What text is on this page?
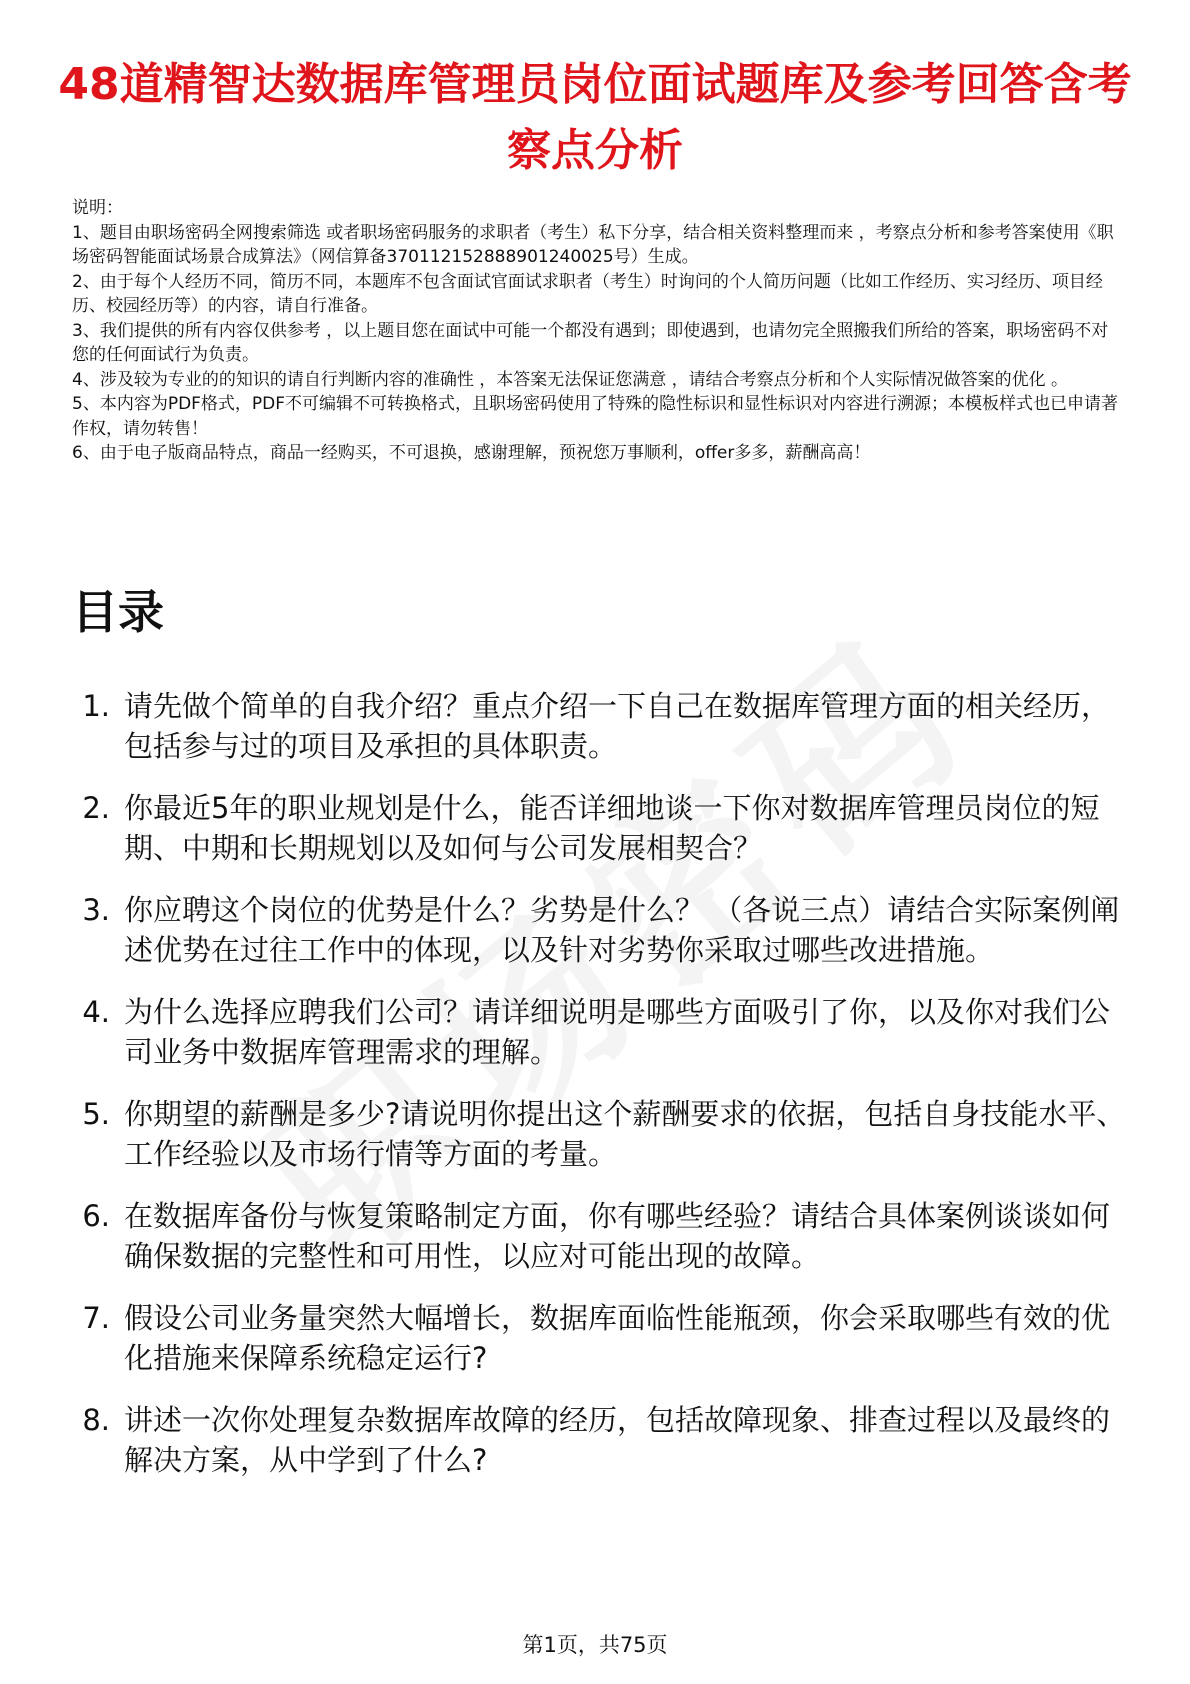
48道精智达数据库管理员岗位面试题库及参考回答含考察点分析

说明：

1、题目由职场密码全网搜索筛选 或者职场密码服务的求职者（考生）私下分享，结合相关资料整理而来 ，考察点分析和参考答案使用《职场密码智能面试场景合成算法》（网信算备370112152888901240025号）生成。

2、由于每个人经历不同，简历不同，本题库不包含面试官面试求职者（考生）时询问的个人简历问题（比如工作经历、实习经历、项目经历、校园经历等）的内容，请自行准备。

3、我们提供的所有内容仅供参考 ，以上题目您在面试中可能一个都没有遇到；即使遇到，也请勿完全照搬我们所给的答案，职场密码不对您的任何面试行为负责。

4、涉及较为专业的的知识的请自行判断内容的准确性 ，本答案无法保证您满意 ，请结合考察点分析和个人实际情况做答案的优化 。

5、本内容为PDF格式，PDF不可编辑不可转换格式，且职场密码使用了特殊的隐性标识和显性标识对内容进行溯源；本模板样式也已申请著作权，请勿转售！

6、由于电子版商品特点，商品一经购买，不可退换，感谢理解，预祝您万事顺利，offer多多，薪酬高高！

目录
1. 请先做个简单的自我介绍？重点介绍一下自己在数据库管理方面的相关经历，包括参与过的项目及承担的具体职责。
2. 你最近5年的职业规划是什么，能否详细地谈一下你对数据库管理员岗位的短期、中期和长期规划以及如何与公司发展相契合？
3. 你应聘这个岗位的优势是什么？劣势是什么？ （各说三点）请结合实际案例阐述优势在过往工作中的体现，以及针对劣势你采取过哪些改进措施。
4. 为什么选择应聘我们公司？请详细说明是哪些方面吸引了你，以及你对我们公司业务中数据库管理需求的理解。
5. 你期望的薪酬是多少?请说明你提出这个薪酬要求的依据，包括自身技能水平、工作经验以及市场行情等方面的考量。
6. 在数据库备份与恢复策略制定方面，你有哪些经验？请结合具体案例谈谈如何确保数据的完整性和可用性，以应对可能出现的故障。
7. 假设公司业务量突然大幅增长，数据库面临性能瓶颈，你会采取哪些有效的优化措施来保障系统稳定运行?
8. 讲述一次你处理复杂数据库故障的经历，包括故障现象、排查过程以及最终的解决方案，从中学到了什么?
第1页，共75页
